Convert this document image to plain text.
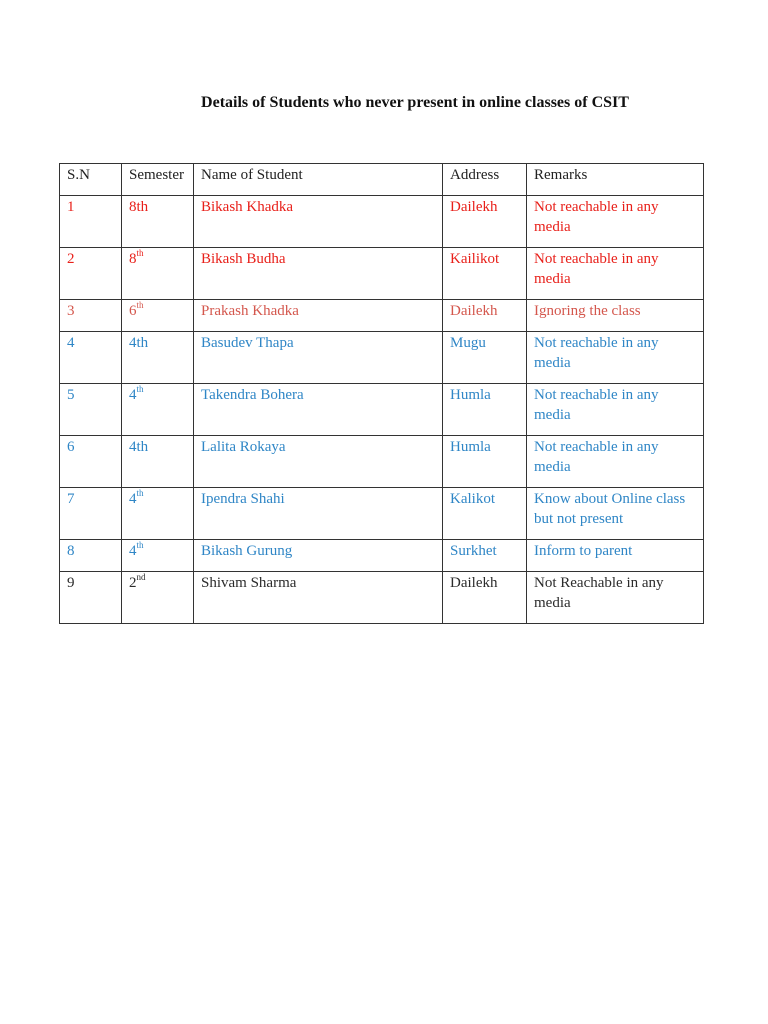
Details of Students who never present in online classes of CSIT
S.N	Semester	Name of Student	Address	Remarks
1	8th	Bikash Khadka	Dailekh	Not reachable in any media
2	8th	Bikash Budha	Kailikot	Not reachable in any media
3	6th	Prakash Khadka	Dailekh	Ignoring the class
4	4th	Basudev Thapa	Mugu	Not reachable in any media
5	4th	Takendra Bohera	Humla	Not reachable in any media
6	4th	Lalita Rokaya	Humla	Not reachable in any media
7	4th	Ipendra Shahi	Kalikot	Know about Online class but not present
8	4th	Bikash Gurung	Surkhet	Inform to parent
9	2nd	Shivam Sharma	Dailekh	Not Reachable in any media
